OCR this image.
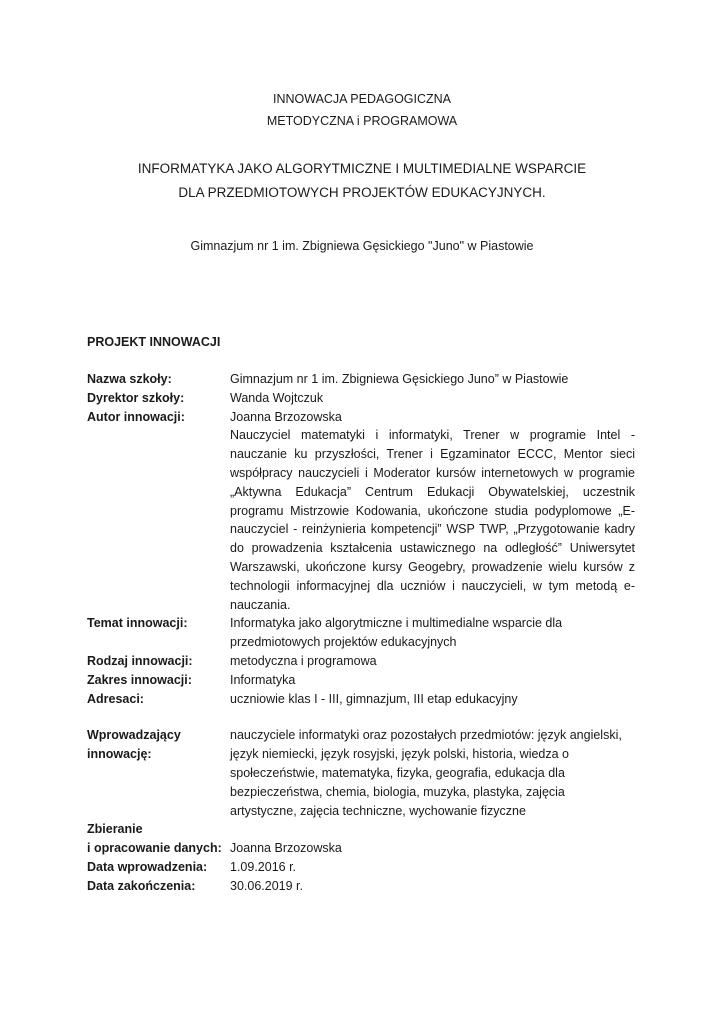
INNOWACJA PEDAGOGICZNA
METODYCZNA i PROGRAMOWA
INFORMATYKA JAKO ALGORYTMICZNE I MULTIMEDIALNE WSPARCIE
DLA PRZEDMIOTOWYCH PROJEKTÓW EDUKACYJNYCH.
Gimnazjum nr 1 im. Zbigniewa Gęsickiego "Juno" w Piastowie
PROJEKT INNOWACJI
Nazwa szkoły:	Gimnazjum nr 1 im. Zbigniewa Gęsickiego Juno” w Piastowie
Dyrektor szkoły:	Wanda Wojtczuk
Autor innowacji:	Joanna Brzozowska
Nauczyciel matematyki i informatyki, Trener w programie Intel - nauczanie ku przyszłości, Trener i Egzaminator ECCC, Mentor sieci współpracy nauczycieli i Moderator kursów internetowych w programie „Aktywna Edukacja” Centrum Edukacji Obywatelskiej, uczestnik programu Mistrzowie Kodowania, ukończone studia podyplomowe „E-nauczyciel - reinżynieria kompetencji” WSP TWP, „Przygotowanie kadry do prowadzenia kształcenia ustawicznego na odległość” Uniwersytet Warszawski, ukończone kursy Geogebry, prowadzenie wielu kursów z technologii informacyjnej dla uczniów i nauczycieli, w tym metodą e-nauczania.
Temat innowacji:	Informatyka jako algorytmiczne i multimedialne wsparcie dla przedmiotowych projektów edukacyjnych
Rodzaj innowacji:	metodyczna i programowa
Zakres innowacji:	Informatyka
Adresaci:	uczniowie klas I - III, gimnazjum, III etap edukacyjny
Wprowadzający
innowację:
nauczyciele informatyki oraz pozostałych przedmiotów: język angielski, język niemiecki, język rosyjski, język polski, historia, wiedza o społeczeństwie, matematyka, fizyka, geografia, edukacja dla bezpieczeństwa, chemia, biologia, muzyka, plastyka, zajęcia artystyczne, zajęcia techniczne, wychowanie fizyczne
Zbieranie
i opracowanie danych:
Joanna Brzozowska
Data wprowadzenia:	1.09.2016 r.
Data zakończenia:	30.06.2019 r.
